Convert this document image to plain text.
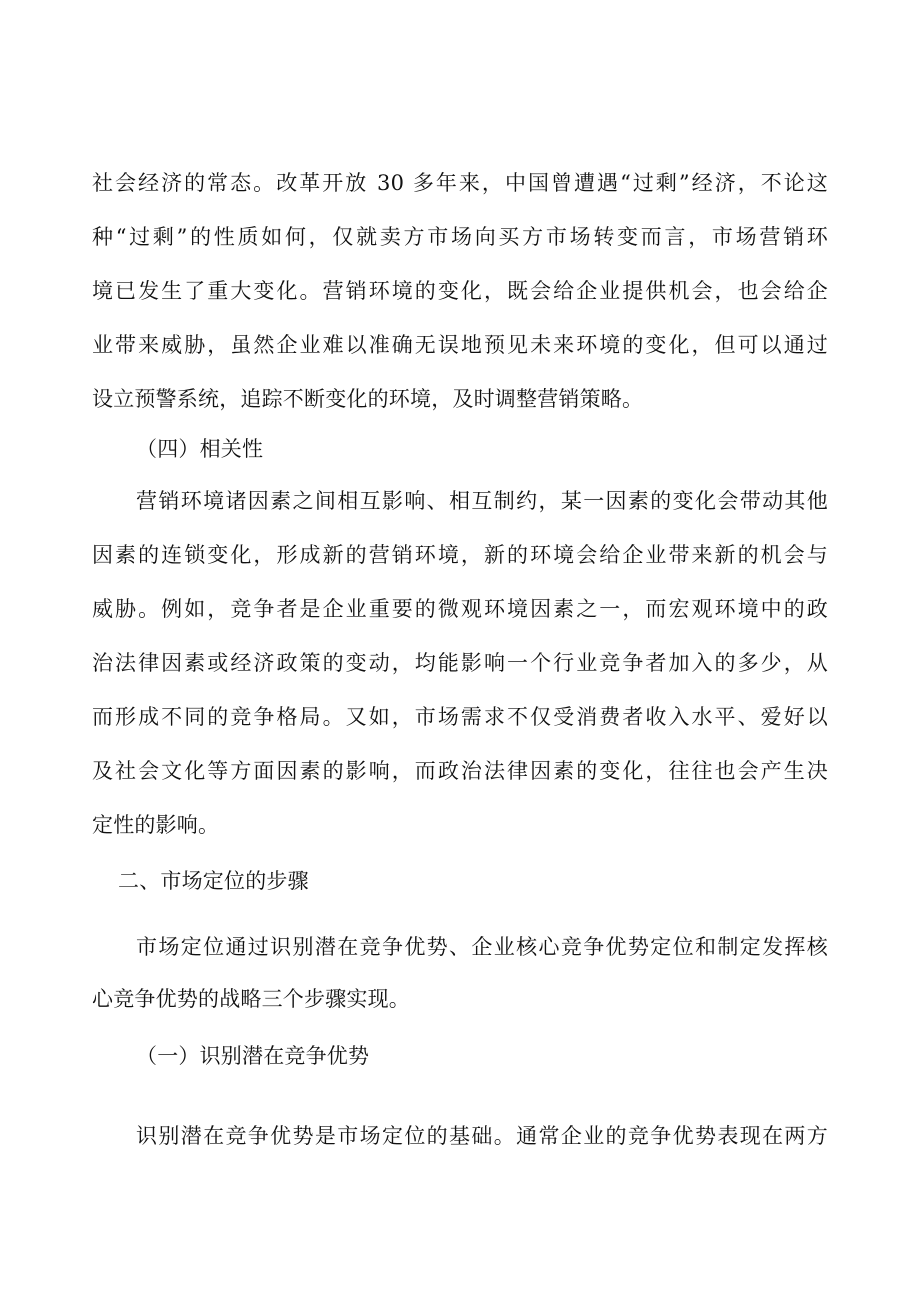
社会经济的常态。改革开放 30 多年来，中国曾遭遇“过剩”经济，不论这

种“过剩”的性质如何，仅就卖方市场向买方市场转变而言，市场营销环

境已发生了重大变化。营销环境的变化，既会给企业提供机会，也会给企

业带来威胁，虽然企业难以准确无误地预见未来环境的变化，但可以通过

设立预警系统，追踪不断变化的环境，及时调整营销策略。

（四）相关性

营销环境诸因素之间相互影响、相互制约，某一因素的变化会带动其他

因素的连锁变化，形成新的营销环境，新的环境会给企业带来新的机会与

威胁。例如，竞争者是企业重要的微观环境因素之一，而宏观环境中的政

治法律因素或经济政策的变动，均能影响一个行业竞争者加入的多少，从

而形成不同的竞争格局。又如，市场需求不仅受消费者收入水平、爱好以

及社会文化等方面因素的影响，而政治法律因素的变化，往往也会产生决

定性的影响。

二、市场定位的步骤

市场定位通过识别潜在竞争优势、企业核心竞争优势定位和制定发挥核

心竞争优势的战略三个步骤实现。

（一）识别潜在竞争优势

识别潜在竞争优势是市场定位的基础。通常企业的竞争优势表现在两方
